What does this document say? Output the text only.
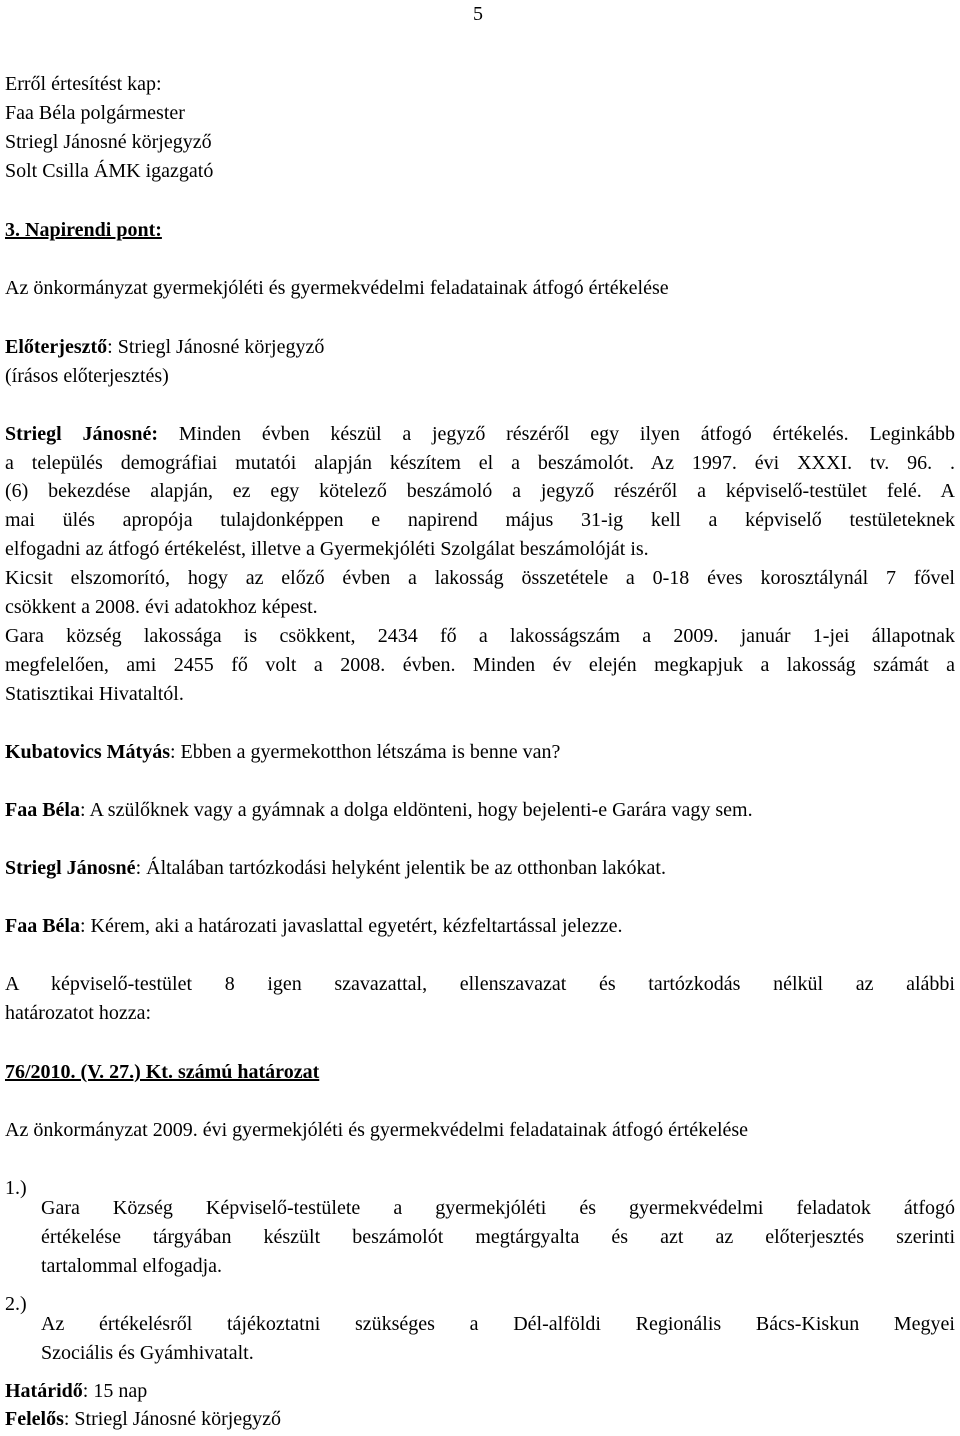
5

Erről értesítést kap:

Faa Béla polgármester

Striegl Jánosné körjegyző

Solt Csilla ÁMK igazgató

3. Napirendi pont:

Az önkormányzat gyermekjóléti és gyermekvédelmi feladatainak átfogó értékelése

Előterjesztő: Striegl Jánosné körjegyző

(írásos előterjesztés)

Striegl Jánosné: Minden évben készül a jegyző részéről egy ilyen átfogó értékelés. Leginkább

a település demográfiai mutatói alapján készítem el a beszámolót. Az 1997. évi XXXI. tv. 96. .

(6) bekezdése alapján, ez egy kötelező beszámoló a jegyző részéről a képviselő-testület felé. A

mai ülés apropója tulajdonképpen e napirend május 31-ig kell a képviselő testületeknek

elfogadni az átfogó értékelést, illetve a Gyermekjóléti Szolgálat beszámolóját is.

Kicsit elszomorító, hogy az előző évben a lakosság összetétele a 0-18 éves korosztálynál 7 fővel

csökkent a 2008. évi adatokhoz képest.

Gara község lakossága is csökkent, 2434 fő a lakosságszám a 2009. január 1-jei állapotnak

megfelelően, ami 2455 fő volt a 2008. évben. Minden év elején megkapjuk a lakosság számát a

Statisztikai Hivataltól.

Kubatovics Mátyás: Ebben a gyermekotthon létszáma is benne van?

Faa Béla: A szülőknek vagy a gyámnak a dolga eldönteni, hogy bejelenti-e Garára vagy sem.

Striegl Jánosné: Általában tartózkodási helyként jelentik be az otthonban lakókat.

Faa Béla: Kérem, aki a határozati javaslattal egyetért, kézfeltartással jelezze.

A képviselő-testület 8 igen szavazattal, ellenszavazat és tartózkodás nélkül az alábbi

határozatot hozza:

76/2010. (V. 27.) Kt. számú határozat

Az önkormányzat 2009. évi gyermekjóléti és gyermekvédelmi feladatainak átfogó értékelése

1.)

Gara Község Képviselő-testülete a gyermekjóléti és gyermekvédelmi feladatok átfogó

értékelése tárgyában készült beszámolót megtárgyalta és azt az előterjesztés szerinti

tartalommal elfogadja.

2.)

Az értékelésről tájékoztatni szükséges a Dél-alföldi Regionális Bács-Kiskun Megyei

Szociális és Gyámhivatalt.

Határidő: 15 nap

Felelős: Striegl Jánosné körjegyző
